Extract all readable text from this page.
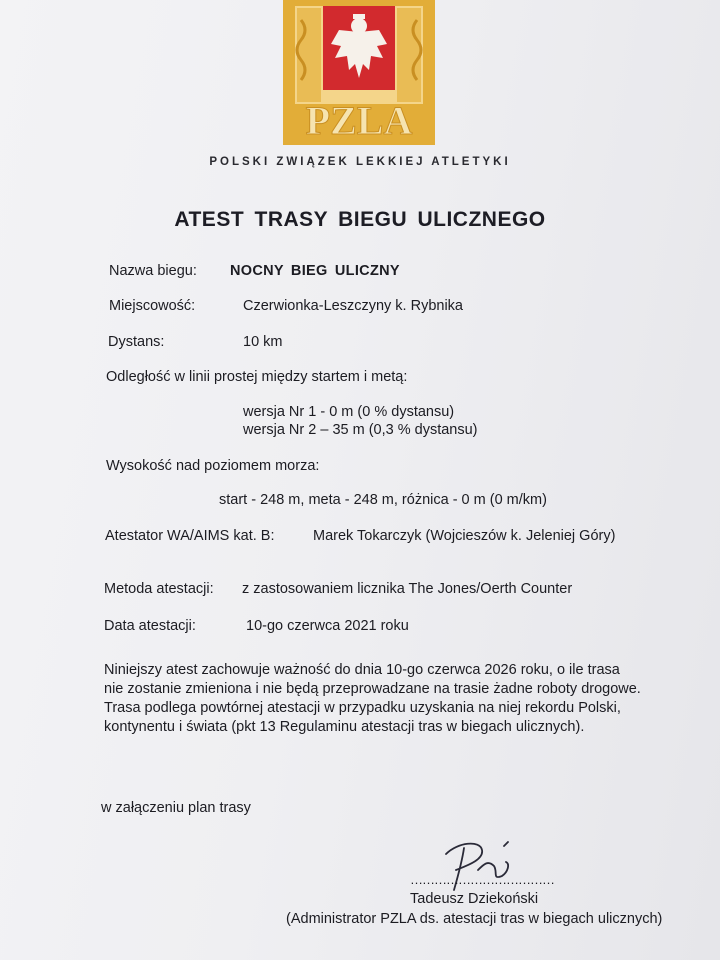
PZLA
POLSKI ZWIĄZEK LEKKIEJ ATLETYKI
ATEST TRASY BIEGU ULICZNEGO
Nazwa biegu: NOCNY BIEG ULICZNY
Miejscowość:	Czerwionka-Leszczyny k. Rybnika
Dystans:	10 km
Odległość w linii prostej między startem i metą:
wersja Nr 1 - 0 m (0 % dystansu)
wersja Nr 2 – 35 m (0,3 % dystansu)
Wysokość nad poziomem morza:
start - 248 m, meta - 248 m, różnica - 0 m (0 m/km)
Atestator WA/AIMS kat. B:	Marek Tokarczyk (Wojcieszów k. Jeleniej Góry)
Metoda atestacji: z zastosowaniem licznika The Jones/Oerth Counter
Data atestacji:	10-go czerwca 2021 roku
Niniejszy atest zachowuje ważność do dnia 10-go czerwca 2026 roku, o ile trasa
nie zostanie zmieniona i nie będą przeprowadzane na trasie żadne roboty drogowe.
Trasa podlega powtórnej atestacji w przypadku uzyskania na niej rekordu Polski,
kontynentu i świata (pkt 13 Regulaminu atestacji tras w biegach ulicznych).
w załączeniu plan trasy
………………………………
Tadeusz Dziekoński
(Administrator PZLA ds. atestacji tras w biegach ulicznych)
